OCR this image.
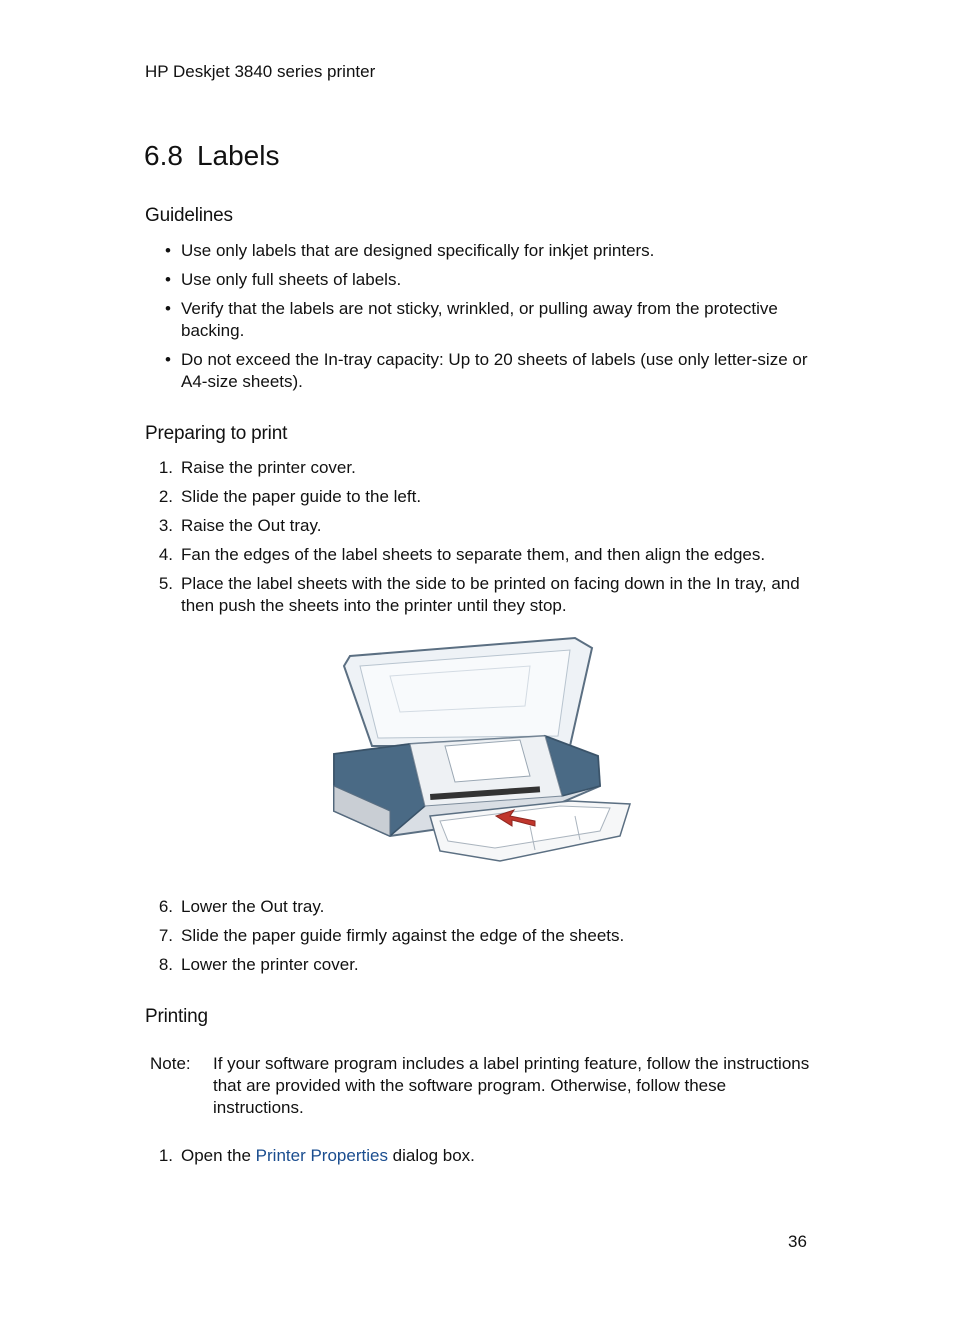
HP Deskjet 3840 series printer
6.8 Labels
Guidelines
• Use only labels that are designed specifically for inkjet printers.
• Use only full sheets of labels.
• Verify that the labels are not sticky, wrinkled, or pulling away from the protective backing.
• Do not exceed the In-tray capacity: Up to 20 sheets of labels (use only letter-size or A4-size sheets).
Preparing to print
1. Raise the printer cover.
2. Slide the paper guide to the left.
3. Raise the Out tray.
4. Fan the edges of the label sheets to separate them, and then align the edges.
5. Place the label sheets with the side to be printed on facing down in the In tray, and then push the sheets into the printer until they stop.
6. Lower the Out tray.
7. Slide the paper guide firmly against the edge of the sheets.
8. Lower the printer cover.
Printing
Note: If your software program includes a label printing feature, follow the instructions that are provided with the software program. Otherwise, follow these instructions.
1. Open the Printer Properties dialog box.
36
